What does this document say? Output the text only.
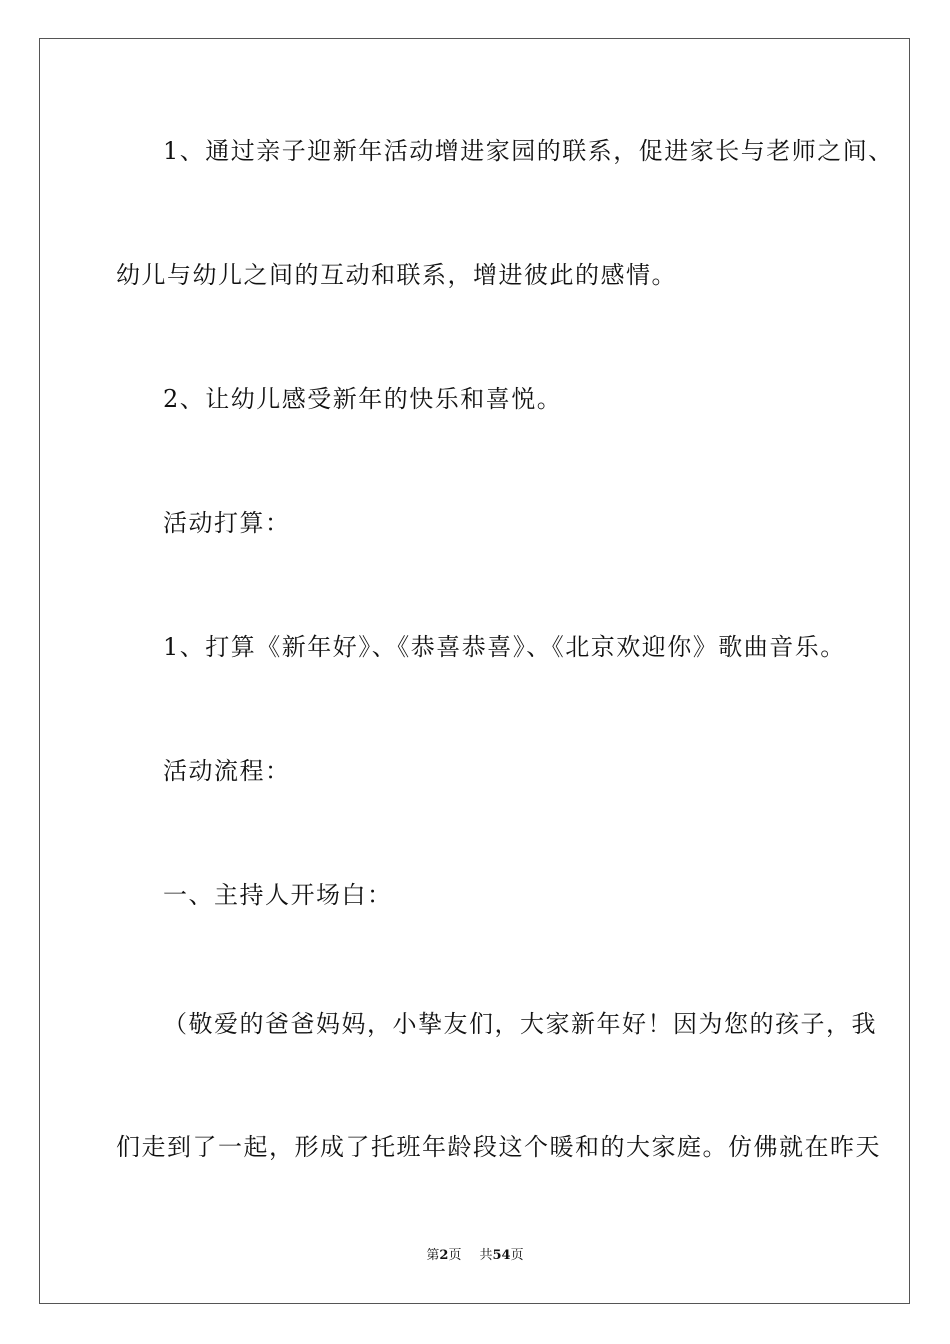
1、通过亲子迎新年活动增进家园的联系，促进家长与老师之间、
幼儿与幼儿之间的互动和联系，增进彼此的感情。
2、让幼儿感受新年的快乐和喜悦。
活动打算：
1、打算《新年好》、《恭喜恭喜》、《北京欢迎你》歌曲音乐。
活动流程：
一、主持人开场白：
（敬爱的爸爸妈妈，小挚友们，大家新年好！因为您的孩子，我
们走到了一起，形成了托班年龄段这个暖和的大家庭。仿佛就在昨天
第2页 共54页
